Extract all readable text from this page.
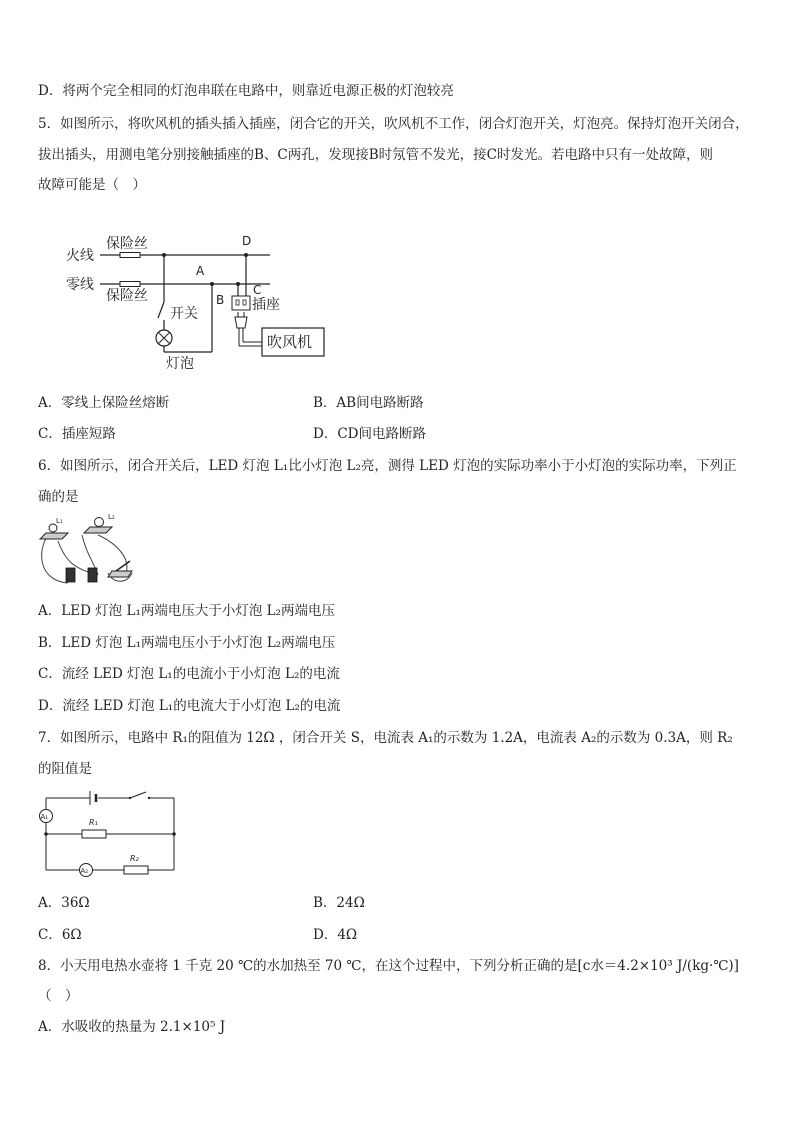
D．将两个完全相同的灯泡串联在电路中，则靠近电源正极的灯泡较亮
5．如图所示，将吹风机的插头插入插座，闭合它的开关，吹风机不工作，闭合灯泡开关，灯泡亮。保持灯泡开关闭合，
拔出插头，用测电笔分别接触插座的B、C两孔，发现接B时氖管不发光，接C时发光。若电路中只有一处故障，则
故障可能是（　）
火线
零线
保险丝
保险丝
D
A
B
C
开关
灯泡
插座
吹风机
A．零线上保险丝熔断	B．AB间电路断路
C．插座短路	D．CD间电路断路
6．如图所示，闭合开关后，LED 灯泡 L₁比小灯泡 L₂亮，测得 LED 灯泡的实际功率小于小灯泡的实际功率，下列正
确的是
L₁	L₂
A．LED 灯泡 L₁两端电压大于小灯泡 L₂两端电压
B．LED 灯泡 L₁两端电压小于小灯泡 L₂两端电压
C．流经 LED 灯泡 L₁的电流小于小灯泡 L₂的电流
D．流经 LED 灯泡 L₁的电流大于小灯泡 L₂的电流
7．如图所示，电路中 R₁的阻值为 12Ω ，闭合开关 S，电流表 A₁的示数为 1.2A，电流表 A₂的示数为 0.3A，则 R₂
的阻值是
A₁
A₂
R₁
R₂
A．36Ω	B．24Ω
C．6Ω	D．4Ω
8．小天用电热水壶将 1 千克 20 ℃的水加热至 70 ℃，在这个过程中，下列分析正确的是[c水＝4.2×10³ J/(kg·℃)]
（　）
A．水吸收的热量为 2.1×10⁵ J
